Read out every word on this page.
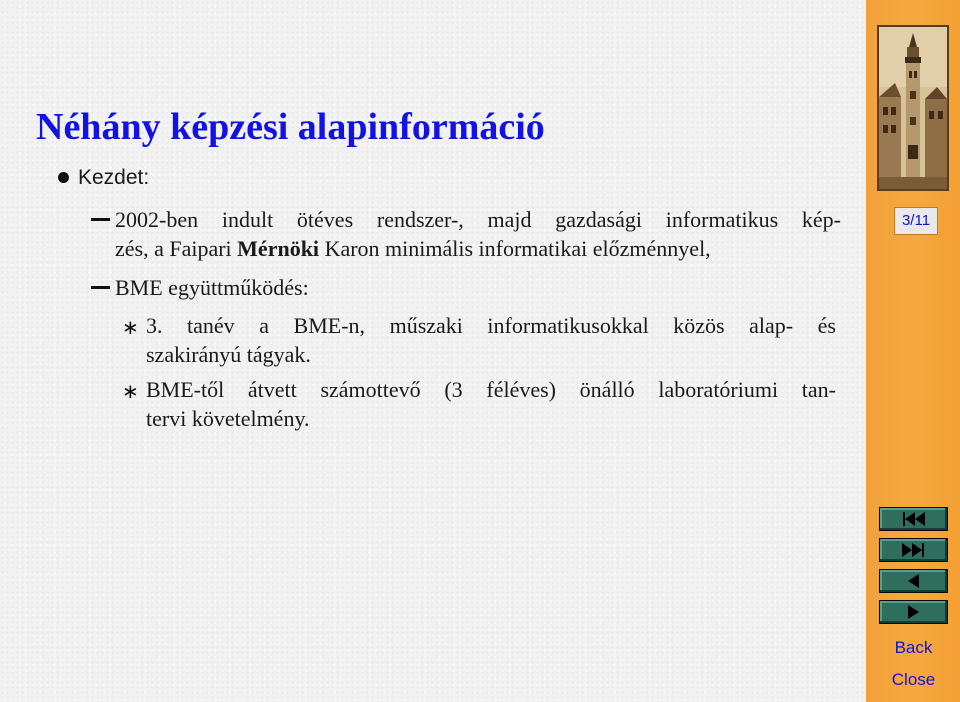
Néhány képzési alapinformáció
Kezdet:
2002-ben indult ötéves rendszer-, majd gazdasági informatikus kép-
zés, a Faipari Mérnöki Karon minimális informatikai előzménnyel,
BME együttműködés:
∗ 3. tanév a BME-n, műszaki informatikusokkal közös alap- és
szakirányú tágyak.
∗ BME-től átvett számottevő (3 féléves) önálló laboratóriumi tan-
tervi követelmény.
3/11
Back
Close
